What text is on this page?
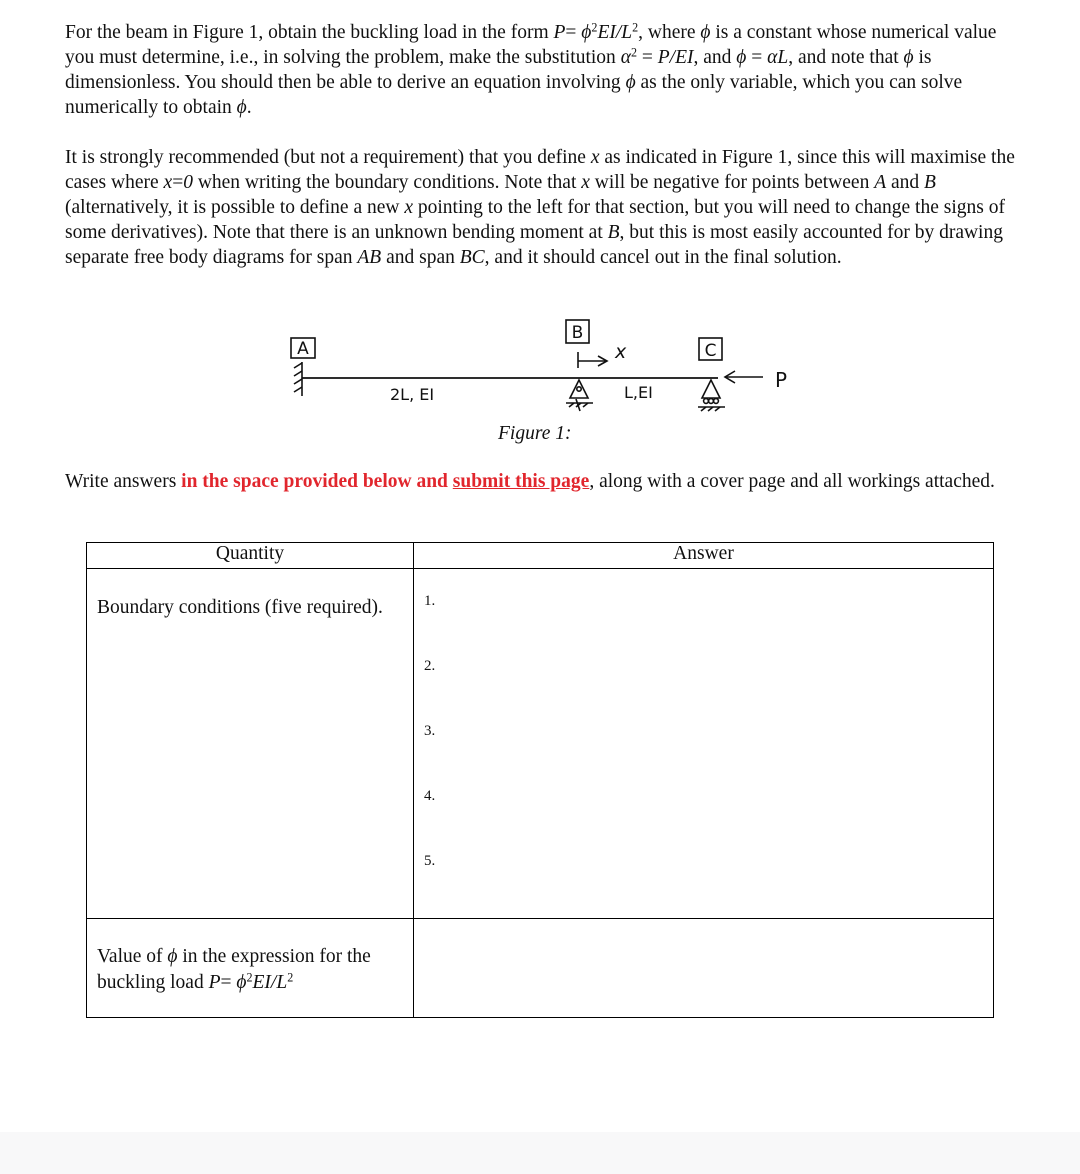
For the beam in Figure 1, obtain the buckling load in the form $P= \phi^2EI/L^2$, where ϕ is a constant whose numerical value you must determine, i.e., in solving the problem, make the substitution $\alpha^2 = P/EI$, and ϕ = αL, and note that ϕ is dimensionless. You should then be able to derive an equation involving ϕ as the only variable, which you can solve numerically to obtain ϕ.

It is strongly recommended (but not a requirement) that you define x as indicated in Figure 1, since this will maximise the cases where x=0 when writing the boundary conditions. Note that x will be negative for points between A and B (alternatively, it is possible to define a new x pointing to the left for that section, but you will need to change the signs of some derivatives). Note that there is an unknown bending moment at B, but this is most easily accounted for by drawing separate free body diagrams for span AB and span BC, and it should cancel out in the final solution.

A
B
C
x
P
2L, EI	L,EI
Figure 1:

Write answers in the space provided below and submit this page, along with a cover page and all workings attached.

Quantity	Answer

Boundary conditions (five required).	1.
2.
3.
4.
5.

Value of ϕ in the expression for the buckling load $P= \phi^2EI/L^2$
